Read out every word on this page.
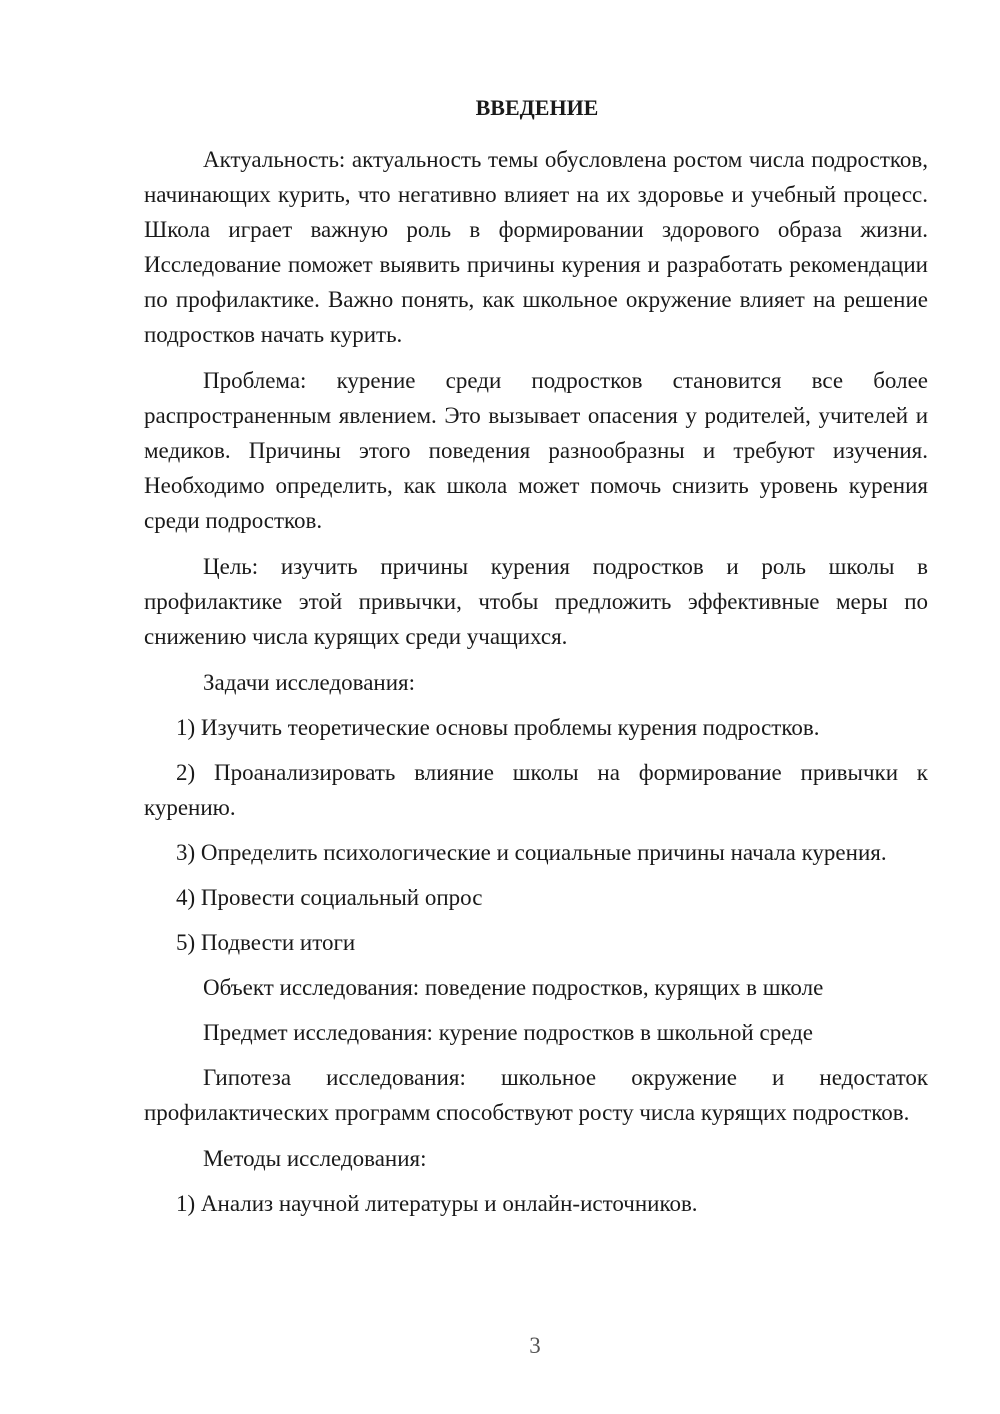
ВВЕДЕНИЕ

Актуальность: актуальность темы обусловлена ростом числа подростков, начинающих курить, что негативно влияет на их здоровье и учебный процесс. Школа играет важную роль в формировании здорового образа жизни. Исследование поможет выявить причины курения и разработать рекомендации по профилактике. Важно понять, как школьное окружение влияет на решение подростков начать курить.

Проблема: курение среди подростков становится все более распространенным явлением. Это вызывает опасения у родителей, учителей и медиков. Причины этого поведения разнообразны и требуют изучения. Необходимо определить, как школа может помочь снизить уровень курения среди подростков.

Цель: изучить причины курения подростков и роль школы в профилактике этой привычки, чтобы предложить эффективные меры по снижению числа курящих среди учащихся.

Задачи исследования:

1) Изучить теоретические основы проблемы курения подростков.

2) Проанализировать влияние школы на формирование привычки к курению.

3) Определить психологические и социальные причины начала курения.

4) Провести социальный опрос

5) Подвести итоги

Объект исследования: поведение подростков, курящих в школе

Предмет исследования: курение подростков в школьной среде

Гипотеза исследования: школьное окружение и недостаток профилактических программ способствуют росту числа курящих подростков.

Методы исследования:

1) Анализ научной литературы и онлайн-источников.

3
